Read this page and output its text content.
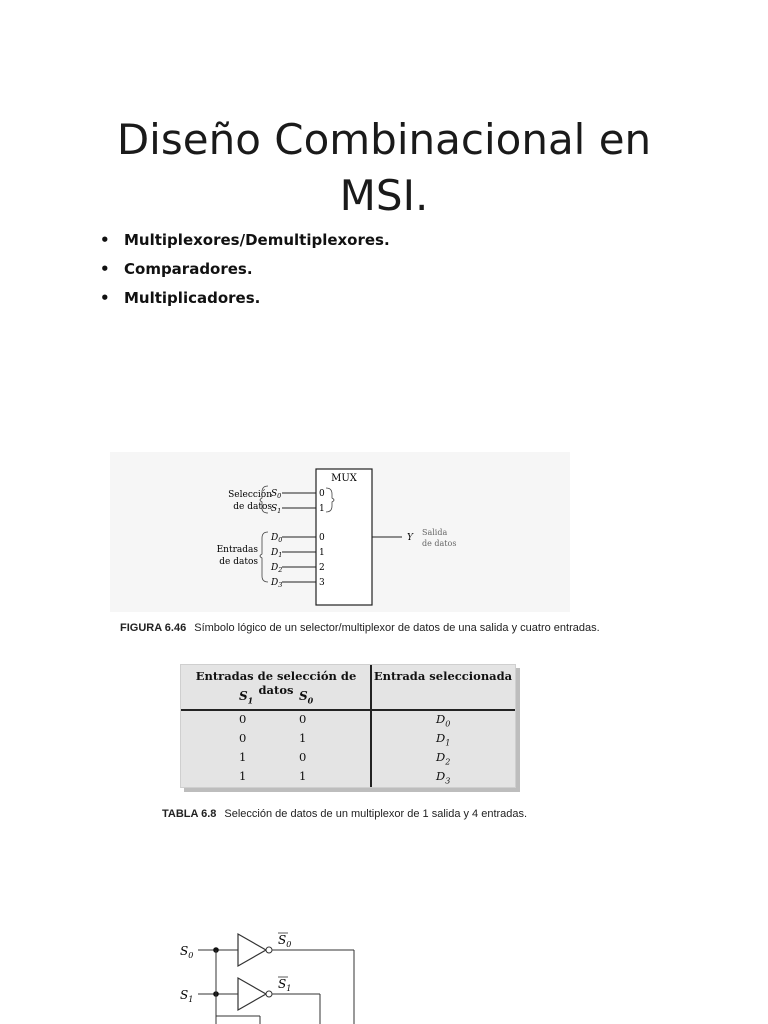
Diseño Combinacional en
MSI.
• Multiplexores/Demultiplexores.
• Comparadores.
• Multiplicadores.
MUX
Selección
de datos
$S_0$
$S_1$
0
1
Entradas
de datos
$D_0$
$D_1$
$D_2$
$D_3$
0
1
2
3
Y
Salida
de datos
FIGURA 6.46 Símbolo lógico de un selector/multiplexor de datos de una salida y cuatro entradas.
Entradas de selección de datos
Entrada seleccionada
$S_1$	$S_0$
0	0	$D_0$
0	1	$D_1$
1	0	$D_2$
1	1	$D_3$
TABLA 6.8 Selección de datos de un multiplexor de 1 salida y 4 entradas.
$S_0$
$S_1$
$S_0$
$S_1$
